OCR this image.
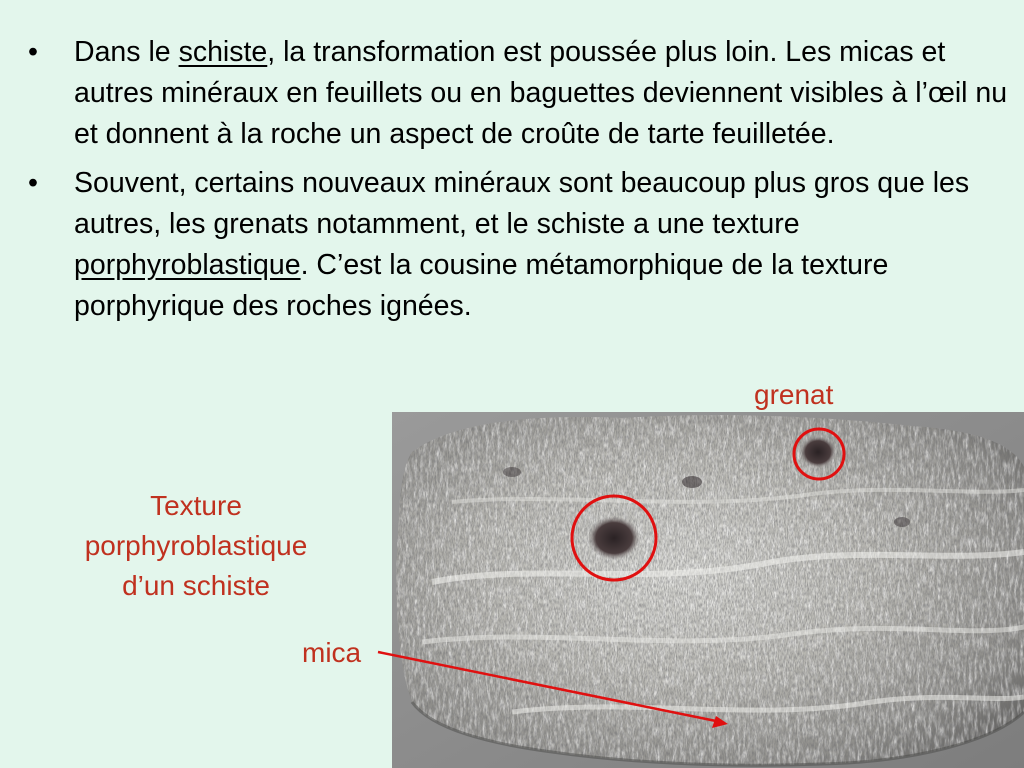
•	Dans le schiste, la transformation est poussée plus loin. Les micas et autres minéraux en feuillets ou en baguettes deviennent visibles à l’œil nu et donnent à la roche un aspect de croûte de tarte feuilletée.
•	Souvent, certains nouveaux minéraux sont beaucoup plus gros que les autres, les grenats notamment, et le schiste a une texture porphyroblastique. C’est la cousine métamorphique de la texture porphyrique des roches ignées.
Texture
porphyroblastique
d’un schiste
grenat
mica
